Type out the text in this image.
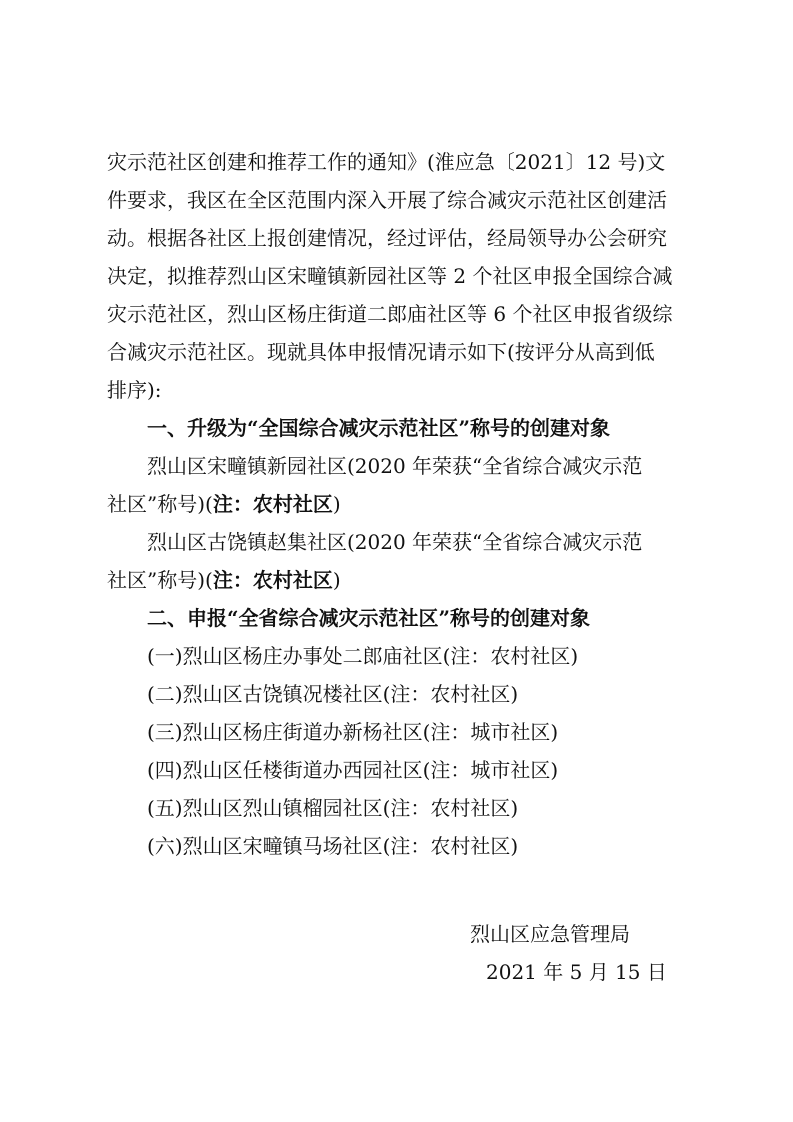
灾示范社区创建和推荐工作的通知》(淮应急〔2021〕12 号)文
件要求，我区在全区范围内深入开展了综合减灾示范社区创建活
动。根据各社区上报创建情况，经过评估，经局领导办公会研究
决定，拟推荐烈山区宋疃镇新园社区等 2 个社区申报全国综合减
灾示范社区，烈山区杨庄街道二郎庙社区等 6 个社区申报省级综
合减灾示范社区。现就具体申报情况请示如下(按评分从高到低
排序):
一、升级为“全国综合减灾示范社区”称号的创建对象
烈山区宋疃镇新园社区(2020 年荣获“全省综合减灾示范
社区”称号)(注：农村社区)
烈山区古饶镇赵集社区(2020 年荣获“全省综合减灾示范
社区”称号)(注：农村社区)
二、申报“全省综合减灾示范社区”称号的创建对象
(一)烈山区杨庄办事处二郎庙社区(注：农村社区)
(二)烈山区古饶镇况楼社区(注：农村社区)
(三)烈山区杨庄街道办新杨社区(注：城市社区)
(四)烈山区任楼街道办西园社区(注：城市社区)
(五)烈山区烈山镇榴园社区(注：农村社区)
(六)烈山区宋疃镇马场社区(注：农村社区)
烈山区应急管理局
2021 年 5 月 15 日
